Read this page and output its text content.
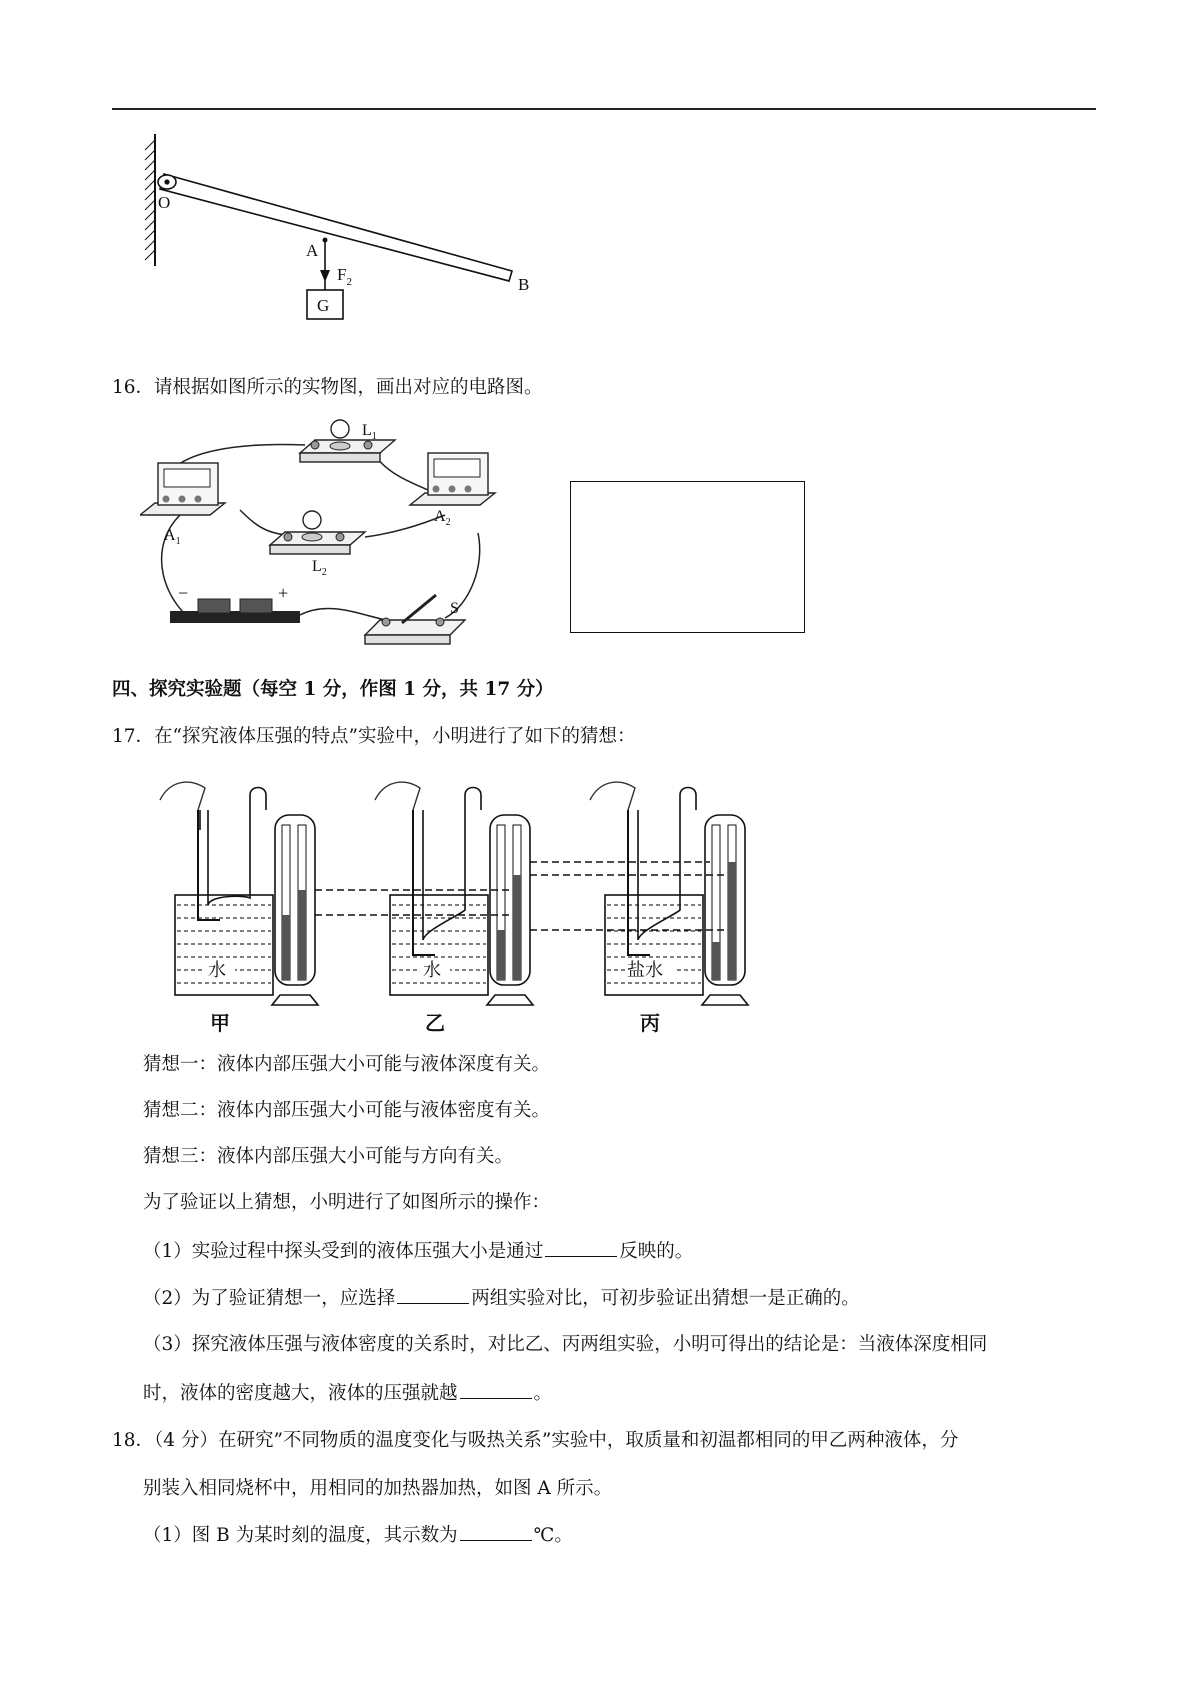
O
A
$F_2$	B
G
16．请根据如图所示的实物图，画出对应的电路图。
$L_1$
$L_2$
$A_1$
$A_2$
−	+
S
四、探究实验题（每空 1 分，作图 1 分，共 17 分）
17．在“探究液体压强的特点”实验中，小明进行了如下的猜想：
水
甲
水
乙
盐水
丙
猜想一：液体内部压强大小可能与液体深度有关。
猜想二：液体内部压强大小可能与液体密度有关。
猜想三：液体内部压强大小可能与方向有关。
为了验证以上猜想，小明进行了如图所示的操作：
（1）实验过程中探头受到的液体压强大小是通过	反映的。
（2）为了验证猜想一，应选择	两组实验对比，可初步验证出猜想一是正确的。
（3）探究液体压强与液体密度的关系时，对比乙、丙两组实验，小明可得出的结论是：当液体深度相同
时，液体的密度越大，液体的压强就越	。
18．（4 分）在研究”不同物质的温度变化与吸热关系”实验中，取质量和初温都相同的甲乙两种液体，分
别装入相同烧杯中，用相同的加热器加热，如图 A 所示。
（1）图 B 为某时刻的温度，其示数为	℃。
